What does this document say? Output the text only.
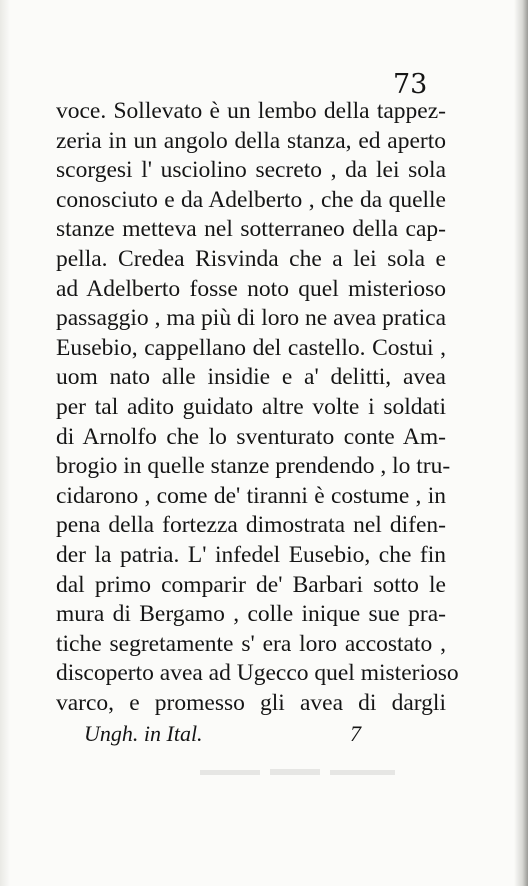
73
voce. Sollevato è un lembo della tappez-
zeria in un angolo della stanza, ed aperto
scorgesi l' usciolino secreto , da lei sola
conosciuto e da Adelberto , che da quelle
stanze metteva nel sotterraneo della cap-
pella. Credea Risvinda che a lei sola e
ad Adelberto fosse noto quel misterioso
passaggio , ma più di loro ne avea pratica
Eusebio, cappellano del castello. Costui ,
uom nato alle insidie e a' delitti, avea
per tal adito guidato altre volte i soldati
di Arnolfo che lo sventurato conte Am-
brogio in quelle stanze prendendo , lo tru-
cidarono , come de' tiranni è costume , in
pena della fortezza dimostrata nel difen-
der la patria. L' infedel Eusebio, che fin
dal primo comparir de' Barbari sotto le
mura di Bergamo , colle inique sue pra-
tiche segretamente s' era loro accostato ,
discoperto avea ad Ugecco quel misterioso
varco, e promesso gli avea di dargli
Ungh. in Ital.	7
